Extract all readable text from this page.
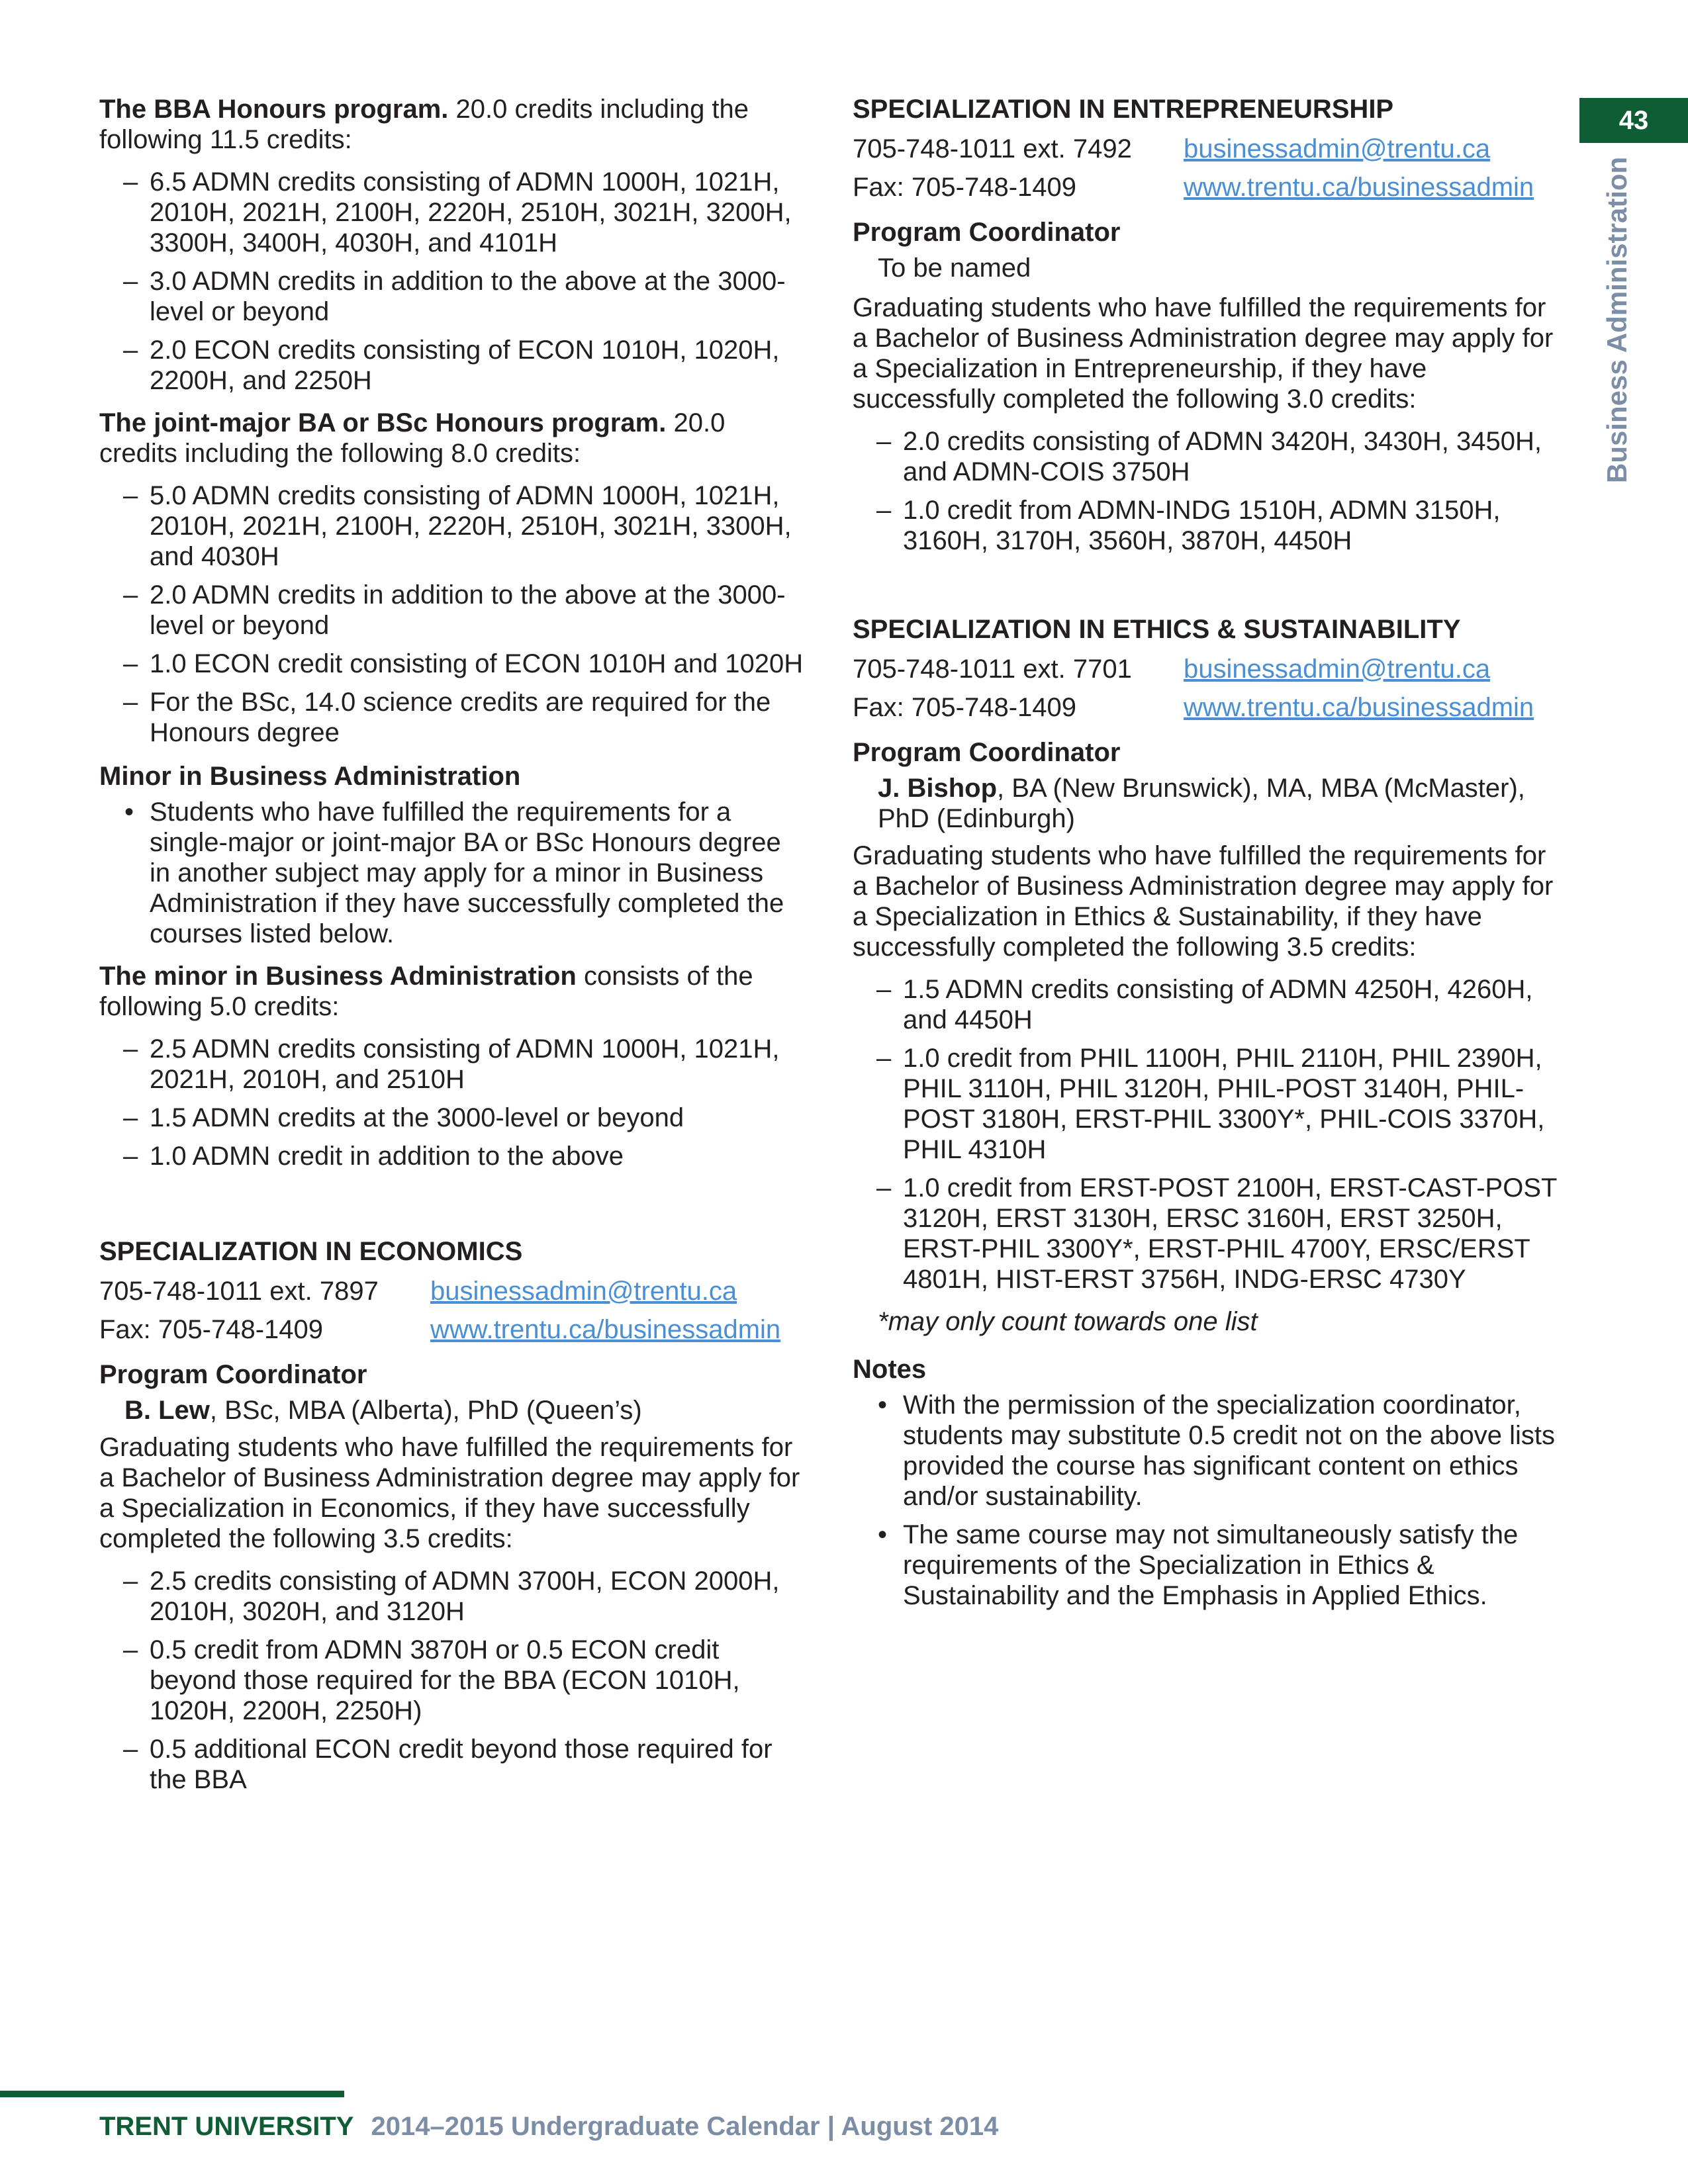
43
Business Administration

The BBA Honours program. 20.0 credits including the following 11.5 credits:

– 6.5 ADMN credits consisting of ADMN 1000H, 1021H, 2010H, 2021H, 2100H, 2220H, 2510H, 3021H, 3200H, 3300H, 3400H, 4030H, and 4101H
– 3.0 ADMN credits in addition to the above at the 3000-level or beyond
– 2.0 ECON credits consisting of ECON 1010H, 1020H, 2200H, and 2250H

The joint-major BA or BSc Honours program. 20.0 credits including the following 8.0 credits:

– 5.0 ADMN credits consisting of ADMN 1000H, 1021H, 2010H, 2021H, 2100H, 2220H, 2510H, 3021H, 3300H, and 4030H
– 2.0 ADMN credits in addition to the above at the 3000-level or beyond
– 1.0 ECON credit consisting of ECON 1010H and 1020H
– For the BSc, 14.0 science credits are required for the Honours degree
Minor in Business Administration
• Students who have fulfilled the requirements for a single-major or joint-major BA or BSc Honours degree in another subject may apply for a minor in Business Administration if they have successfully completed the courses listed below.

The minor in Business Administration consists of the following 5.0 credits:

– 2.5 ADMN credits consisting of ADMN 1000H, 1021H, 2021H, 2010H, and 2510H
– 1.5 ADMN credits at the 3000-level or beyond
– 1.0 ADMN credit in addition to the above
SPECIALIZATION IN ECONOMICS
705-748-1011 ext. 7897	businessadmin@trentu.ca
Fax: 705-748-1409	www.trentu.ca/businessadmin
Program Coordinator
B. Lew, BSc, MBA (Alberta), PhD (Queen’s)

Graduating students who have fulfilled the requirements for a Bachelor of Business Administration degree may apply for a Specialization in Economics, if they have successfully completed the following 3.5 credits:

– 2.5 credits consisting of ADMN 3700H, ECON 2000H, 2010H, 3020H, and 3120H
– 0.5 credit from ADMN 3870H or 0.5 ECON credit beyond those required for the BBA (ECON 1010H, 1020H, 2200H, 2250H)
– 0.5 additional ECON credit beyond those required for the BBA
SPECIALIZATION IN ENTREPRENEURSHIP
705-748-1011 ext. 7492	businessadmin@trentu.ca
Fax: 705-748-1409	www.trentu.ca/businessadmin
Program Coordinator
To be named

Graduating students who have fulfilled the requirements for a Bachelor of Business Administration degree may apply for a Specialization in Entrepreneurship, if they have successfully completed the following 3.0 credits:

– 2.0 credits consisting of ADMN 3420H, 3430H, 3450H, and ADMN-COIS 3750H
– 1.0 credit from ADMN-INDG 1510H, ADMN 3150H, 3160H, 3170H, 3560H, 3870H, 4450H
SPECIALIZATION IN ETHICS & SUSTAINABILITY
705-748-1011 ext. 7701	businessadmin@trentu.ca
Fax: 705-748-1409	www.trentu.ca/businessadmin
Program Coordinator
J. Bishop, BA (New Brunswick), MA, MBA (McMaster), PhD (Edinburgh)

Graduating students who have fulfilled the requirements for a Bachelor of Business Administration degree may apply for a Specialization in Ethics & Sustainability, if they have successfully completed the following 3.5 credits:

– 1.5 ADMN credits consisting of ADMN 4250H, 4260H, and 4450H
– 1.0 credit from PHIL 1100H, PHIL 2110H, PHIL 2390H, PHIL 3110H, PHIL 3120H, PHIL-POST 3140H, PHIL-POST 3180H, ERST-PHIL 3300Y*, PHIL-COIS 3370H, PHIL 4310H
– 1.0 credit from ERST-POST 2100H, ERST-CAST-POST 3120H, ERST 3130H, ERSC 3160H, ERST 3250H, ERST-PHIL 3300Y*, ERST-PHIL 4700Y, ERSC/ERST 4801H, HIST-ERST 3756H, INDG-ERSC 4730Y
*may only count towards one list
Notes
• With the permission of the specialization coordinator, students may substitute 0.5 credit not on the above lists provided the course has significant content on ethics and/or sustainability.
• The same course may not simultaneously satisfy the requirements of the Specialization in Ethics & Sustainability and the Emphasis in Applied Ethics.
TRENT UNIVERSITY 2014–2015 Undergraduate Calendar | August 2014
